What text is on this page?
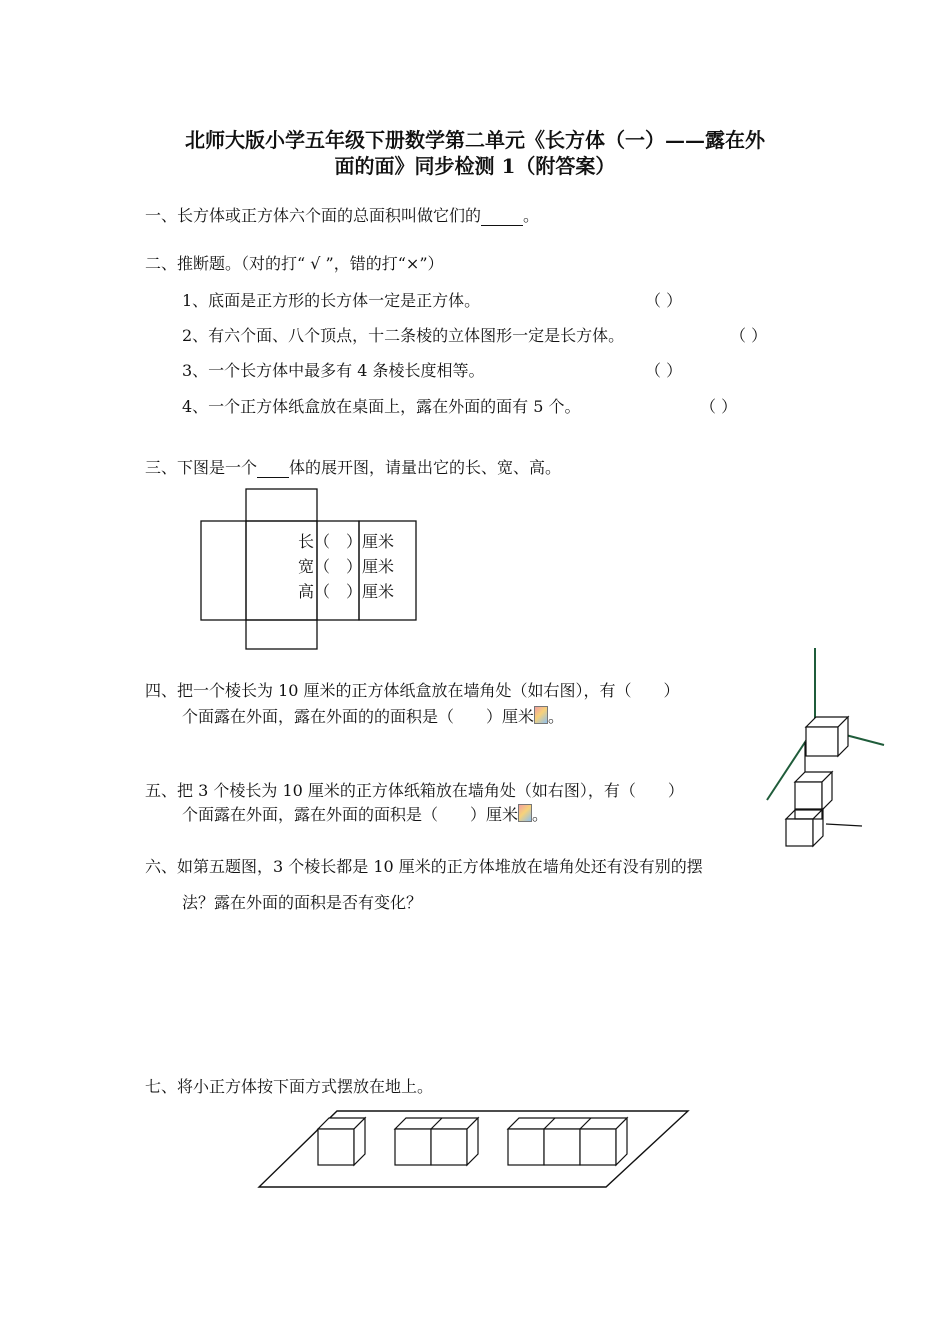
北师大版小学五年级下册数学第二单元《长方体（一）——露在外
面的面》同步检测 1（附答案）
一、长方体或正方体六个面的总面积叫做它们的	。
二、推断题。（对的打“ √ ”，错的打“×”）
1、底面是正方形的长方体一定是正方体。	（ ）
2、有六个面、八个顶点，十二条棱的立体图形一定是长方体。	（ ）
3、一个长方体中最多有 4 条棱长度相等。	（ ）
4、一个正方体纸盒放在桌面上，露在外面的面有 5 个。	（ ）
三、下图是一个 体的展开图，请量出它的长、宽、高。
长（ ）厘米
宽（ ）厘米
高（ ）厘米
四、把一个棱长为 10 厘米的正方体纸盒放在墙角处（如右图），有（　　）
个面露在外面，露在外面的的面积是（　　）厘米 。
五、把 3 个棱长为 10 厘米的正方体纸箱放在墙角处（如右图），有（　　）
个面露在外面，露在外面的面积是（　　）厘米 。
六、如第五题图，3 个棱长都是 10 厘米的正方体堆放在墙角处还有没有别的摆
法？露在外面的面积是否有变化？
七、将小正方体按下面方式摆放在地上。
